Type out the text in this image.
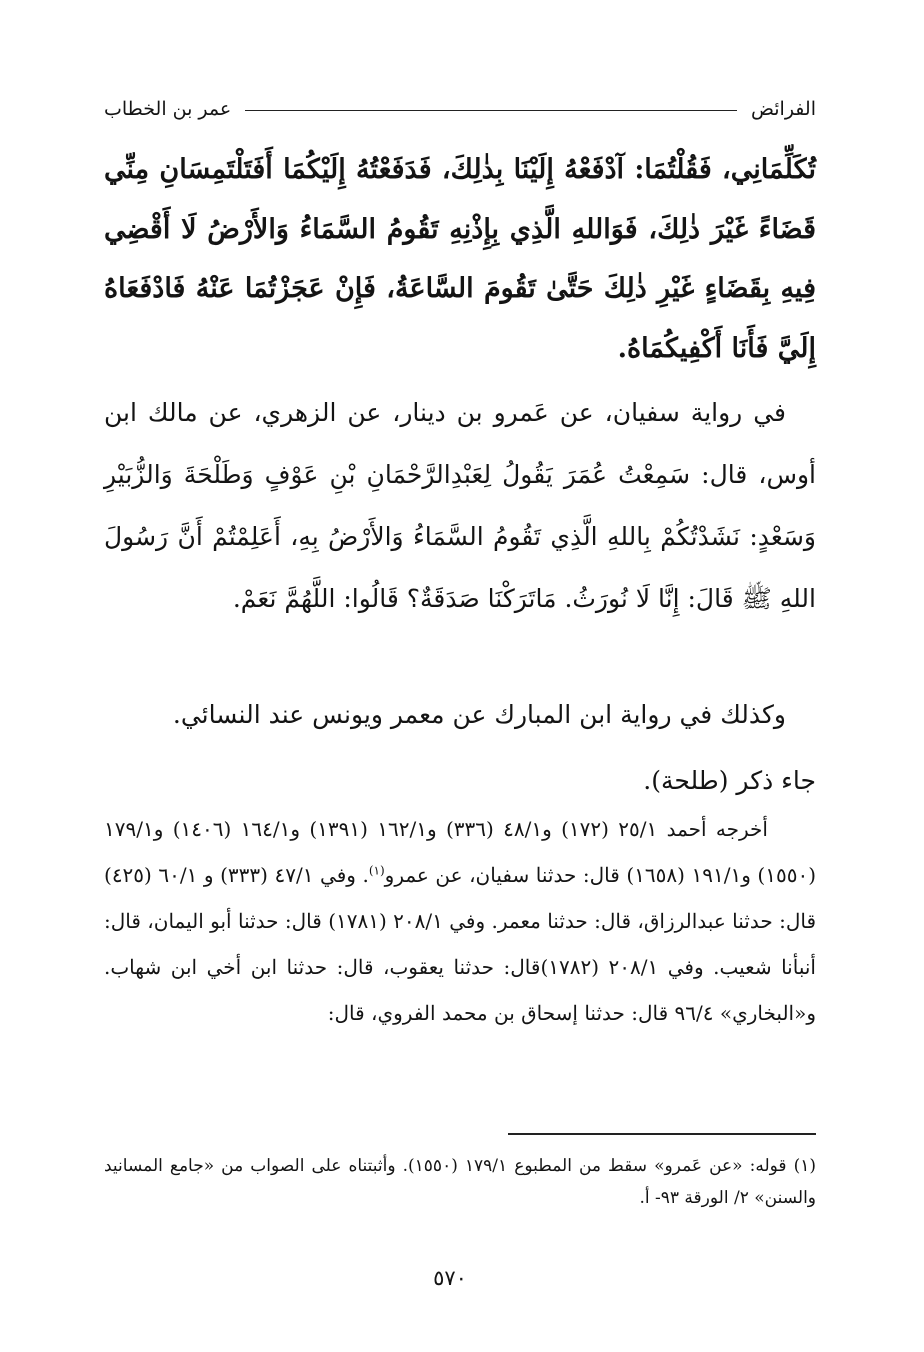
الفرائض
عمر بن الخطاب
تُكَلِّمَانِي، فَقُلْتُمَا: آدْفَعْهُ إِلَيْنَا بِذٰلِكَ، فَدَفَعْتُهُ إِلَيْكُمَا أَفَتَلْتَمِسَانِ مِنِّي قَضَاءً غَيْرَ ذٰلِكَ، فَوَاللهِ الَّذِي بِإِذْنِهِ تَقُومُ السَّمَاءُ وَالأَرْضُ لَا أَقْضِي فِيهِ بِقَضَاءٍ غَيْرِ ذٰلِكَ حَتَّىٰ تَقُومَ السَّاعَةُ، فَإِنْ عَجَزْتُمَا عَنْهُ فَادْفَعَاهُ إِلَيَّ فَأَنَا أَكْفِيكُمَاهُ.
في رواية سفيان، عن عَمرو بن دينار، عن الزهري، عن مالك ابن أوس، قال: سَمِعْتُ عُمَرَ يَقُولُ لِعَبْدِالرَّحْمَانِ بْنِ عَوْفٍ وَطَلْحَةَ وَالزُّبَيْرِ وَسَعْدٍ: نَشَدْتُكُمْ بِاللهِ الَّذِي تَقُومُ السَّمَاءُ وَالأَرْضُ بِهِ، أَعَلِمْتُمْ أَنَّ رَسُولَ اللهِ ﷺ قَالَ: إِنَّا لَا نُورَثُ. مَاتَرَكْنَا صَدَقَةٌ؟ قَالُوا: اللَّهُمَّ نَعَمْ.
وكذلك في رواية ابن المبارك عن معمر ويونس عند النسائي.
جاء ذكر (طلحة).
أخرجه أحمد ٢٥/١ (١٧٢) و٤٨/١ (٣٣٦) و١٦٢/١ (١٣٩١) و١٦٤/١ (١٤٠٦) و١٧٩/١ (١٥٥٠) و١٩١/١ (١٦٥٨) قال: حدثنا سفيان، عن عمرو$^{(١)}$. وفي ٤٧/١ (٣٣٣) و ٦٠/١ (٤٢٥) قال: حدثنا عبدالرزاق، قال: حدثنا معمر. وفي ٢٠٨/١ (١٧٨١) قال: حدثنا أبو اليمان، قال: أنبأنا شعيب. وفي ٢٠٨/١ (١٧٨٢)قال: حدثنا يعقوب، قال: حدثنا ابن أخي ابن شهاب. و«البخاري» ٩٦/٤ قال: حدثنا إسحاق بن محمد الفروي، قال:
(١) قوله: «عن عَمرو» سقط من المطبوع ١٧٩/١ (١٥٥٠). وأثبتناه على الصواب من «جامع المسانيد والسنن» ٢/ الورقة ٩٣- أ.
٥٧٠
